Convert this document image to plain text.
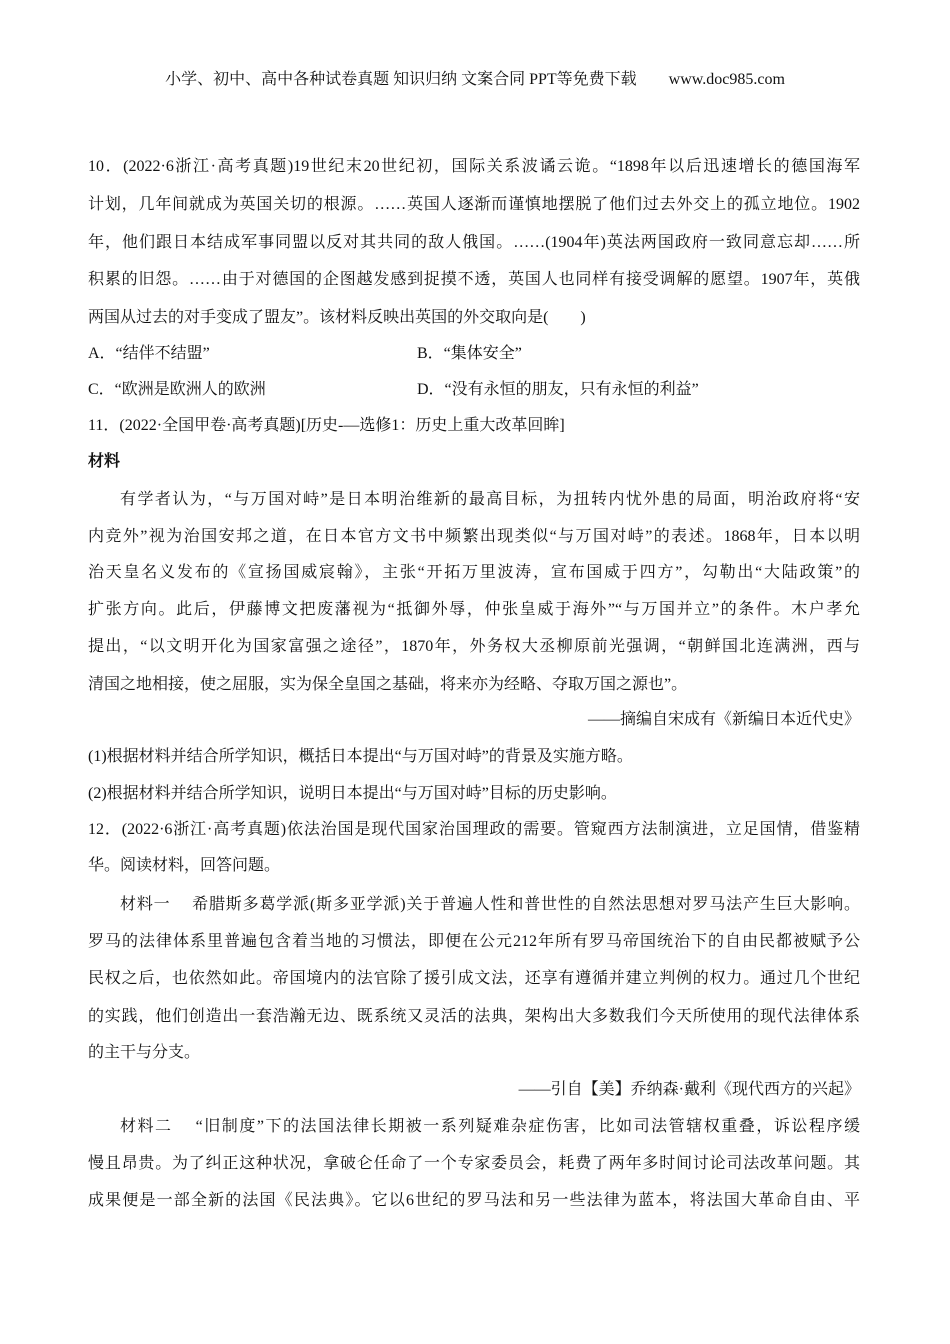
小学、初中、高中各种试卷真题 知识归纳 文案合同 PPT等免费下载　　www.doc985.com
10．(2022·6浙江·高考真题)19世纪末20世纪初，国际关系波谲云诡。“1898年以后迅速增长的德国海军
计划，几年间就成为英国关切的根源。……英国人逐渐而谨慎地摆脱了他们过去外交上的孤立地位。1902
年，他们跟日本结成军事同盟以反对其共同的敌人俄国。……(1904年)英法两国政府一致同意忘却……所
积累的旧怨。……由于对德国的企图越发感到捉摸不透，英国人也同样有接受调解的愿望。1907年，英俄
两国从过去的对手变成了盟友”。该材料反映出英国的外交取向是(　　)
A．“结伴不结盟”	B．“集体安全”
C．“欧洲是欧洲人的欧洲	D．“没有永恒的朋友，只有永恒的利益”
11．(2022·全国甲卷·高考真题)[历史-—选修1：历史上重大改革回眸]
材料
有学者认为，“与万国对峙”是日本明治维新的最高目标，为扭转内忧外患的局面，明治政府将“安
内竞外”视为治国安邦之道，在日本官方文书中频繁出现类似“与万国对峙”的表述。1868年，日本以明
治天皇名义发布的《宣扬国威宸翰》，主张“开拓万里波涛，宣布国威于四方”，勾勒出“大陆政策”的
扩张方向。此后，伊藤博文把废藩视为“抵御外辱，仲张皇威于海外”“与万国并立”的条件。木户孝允
提出，“以文明开化为国家富强之途径”，1870年，外务权大丞柳原前光强调，“朝鲜国北连满洲，西与
清国之地相接，使之屈服，实为保全皇国之基础，将来亦为经略、夺取万国之源也”。
——摘编自宋成有《新编日本近代史》
(1)根据材料并结合所学知识，概括日本提出“与万国对峙”的背景及实施方略。
(2)根据材料并结合所学知识，说明日本提出“与万国对峙”目标的历史影响。
12．(2022·6浙江·高考真题)依法治国是现代国家治国理政的需要。管窥西方法制演进，立足国情，借鉴精
华。阅读材料，回答问题。
材料一　 希腊斯多葛学派(斯多亚学派)关于普遍人性和普世性的自然法思想对罗马法产生巨大影响。
罗马的法律体系里普遍包含着当地的习惯法，即便在公元212年所有罗马帝国统治下的自由民都被赋予公
民权之后，也依然如此。帝国境内的法官除了援引成文法，还享有遵循并建立判例的权力。通过几个世纪
的实践，他们创造出一套浩瀚无边、既系统又灵活的法典，架构出大多数我们今天所使用的现代法律体系
的主干与分支。
——引自【美】乔纳森·戴利《现代西方的兴起》
材料二　 “旧制度”下的法国法律长期被一系列疑难杂症伤害，比如司法管辖权重叠，诉讼程序缓
慢且昂贵。为了纠正这种状况，拿破仑任命了一个专家委员会，耗费了两年多时间讨论司法改革问题。其
成果便是一部全新的法国《民法典》。它以6世纪的罗马法和另一些法律为蓝本，将法国大革命自由、平
